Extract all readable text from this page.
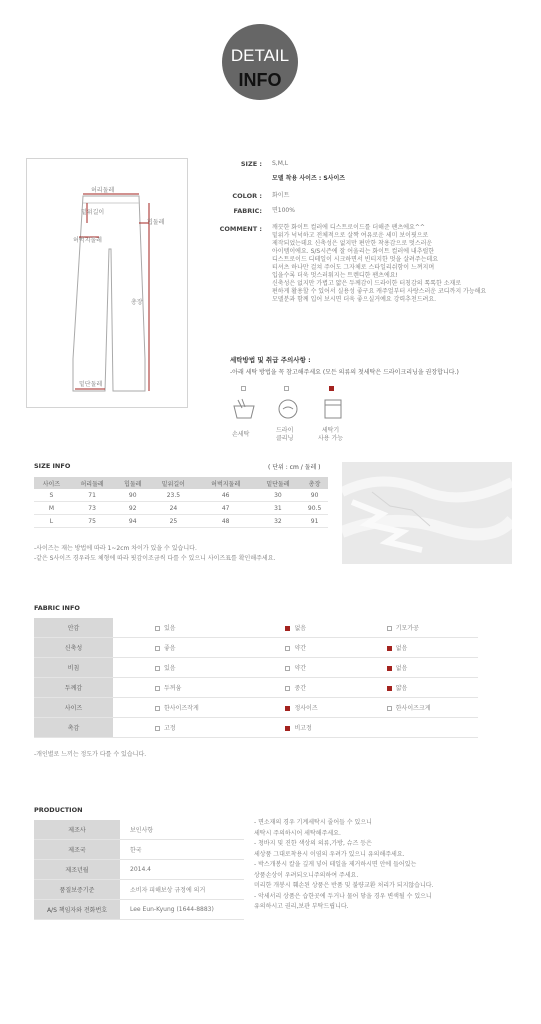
DETAIL
INFO
허리둘레
밑위길이
힙둘레
허벅지둘레
총장
밑단둘레
SIZE : S,M,L
모델 착용 사이즈 : S사이즈
COLOR : 화이트
FABRIC: 면100%
COMMENT : 깨끗한 화이트 컬러에 디스트로이드를 더해준 팬츠에요^^
밑위가 넉넉하고 전체적으로 살짝 여유로운 세미 보이핏으로
제작되었는데요 신축성은 없지만 편안한 착용감으로 멋스러운
아이템이에요. S/S시즌에 잘 어울리는 화이트 컬러에 내추럴한
디스트로이드 디테일이 시크하면서 빈티지한 멋을 살려주는데요
티셔츠 하나만 걸쳐 주어도 그자체로 스타일리쉬함이 느껴지며
입을수록 더욱 멋스러워지는 트렌디한 팬츠에요!
신축성은 없지만 가볍고 얇은 두께감이 드라이한 터칭감의 톡톡한 소재로
편하게 활용할 수 있어서 실용성 좋구요 캐주얼부터 사랑스러운 코디까지 가능해요
모델분과 함께 입어 보시면 더욱 좋으실거예요 강력추천드려요.
세탁방법 및 취급 주의사항 :
-아래 세탁 방법을 꼭 참고해주세요 (모든 의류의 첫세탁은 드라이크리닝을 권장합니다.)
손세탁
드라이
클리닝
세탁기
사용 가능
SIZE INFO	( 단위 : cm / 둘레 )
사이즈	허리둘레	힙둘레	밑위길이	허벅지둘레	밑단둘레	총장
S	71	90	23.5	46	30	90
M	73	92	24	47	31	90.5
L	75	94	25	48	32	91
-사이즈는 재는 방법에 따라 1~2cm 차이가 있을 수 있습니다.
-같은 S사이즈 경우라도 체형에 따라 핏감이조금씩 다를 수 있으니 사이즈표를 확인해주세요.
FABRIC INFO
안감	있음	없음	기모가공
신축성	좋음	약간	없음
비침	있음	약간	없음
두께감	두꺼움	중간	얇음
사이즈	한사이즈작게	정사이즈	한사이즈크게
촉감	고정	비고정	
-개인별로 느끼는 정도가 다를 수 있습니다.
PRODUCTION
제조사	보인사항
제조국	한국
제조년월	2014.4
품질보증기준	소비자 피해보상 규정에 의거
A/S 책임자와 전화번호	Lee Eun-Kyung (1644-8883)
- 면소재의 경우 기계세탁시 줄어들 수 있으니
세탁시 주의하시어 세탁해주세요.
- 청바지 및 진한 색상의 의류,가방, 슈즈 등은
세상품 그대로착용시 이염의 우려가 있으니 유의해주세요.
- 박스개봉시 칼을 깊게 넣어 테일을 제거하시면 안에 들어있는
상품손상이 우려되오니주의하여 주세요.
미리한 개봉시 훼손된 상품은 반품 및 불량교환 처리가 되지않습니다.
- 악세서리 상품은 습한곳에 두거나 물어 닿을 경우 변색될 수 있으니
유의하시고 권리,보관 부탁드립니다.
